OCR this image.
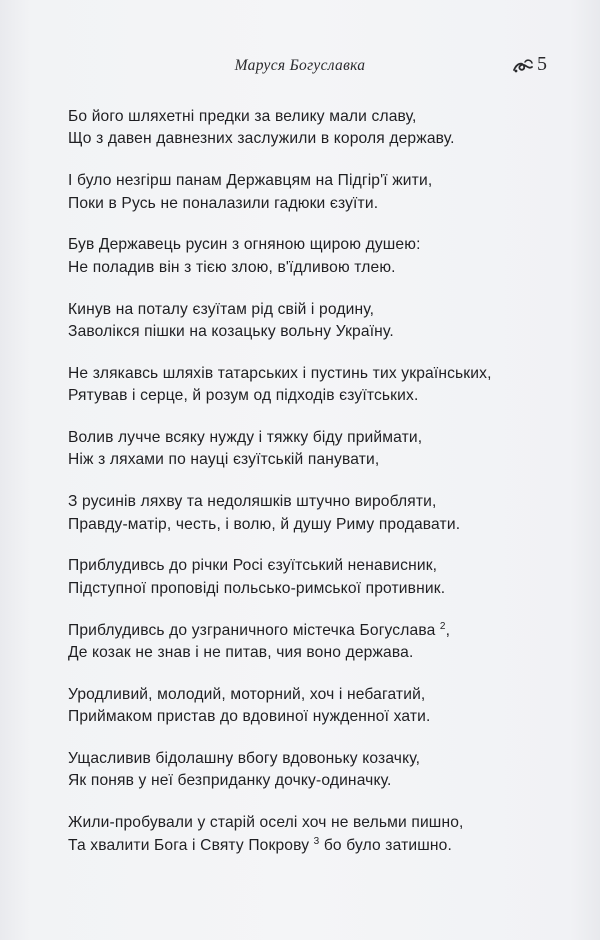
Маруся Богуславка	5
Бо його шляхетні предки за велику мали славу,
Що з давен давнезних заслужили в короля державу.
І було незгірш панам Державцям на Підгір'ї жити,
Поки в Русь не поналазили гадюки єзуїти.
Був Державець русин з огняною щирою душею:
Не поладив він з тією злою, в'їдливою тлею.
Кинув на поталу єзуїтам рід свій і родину,
Заволікся пішки на козацьку вольну Україну.
Не злякавсь шляхів татарських і пустинь тих українських,
Рятував і серце, й розум од підходів єзуїтських.
Волив лучче всяку нужду і тяжку біду приймати,
Ніж з ляхами по науці єзуїтській панувати,
З русинів ляхву та недоляшків штучно виробляти,
Правду-матір, честь, і волю, й душу Риму продавати.
Приблудивсь до річки Росі єзуїтський ненависник,
Підступної проповіді польсько-римської противник.
Приблудивсь до узграничного містечка Богуслава $^2$,
Де козак не знав і не питав, чия воно держава.
Уродливий, молодий, моторний, хоч і небагатий,
Приймаком пристав до вдовиної нужденної хати.
Ущасливив бідолашну вбогу вдовоньку козачку,
Як поняв у неї безприданку дочку-одиначку.
Жили-пробували у старій оселі хоч не вельми пишно,
Та хвалити Бога і Святу Покрову $^3$ бо було затишно.
